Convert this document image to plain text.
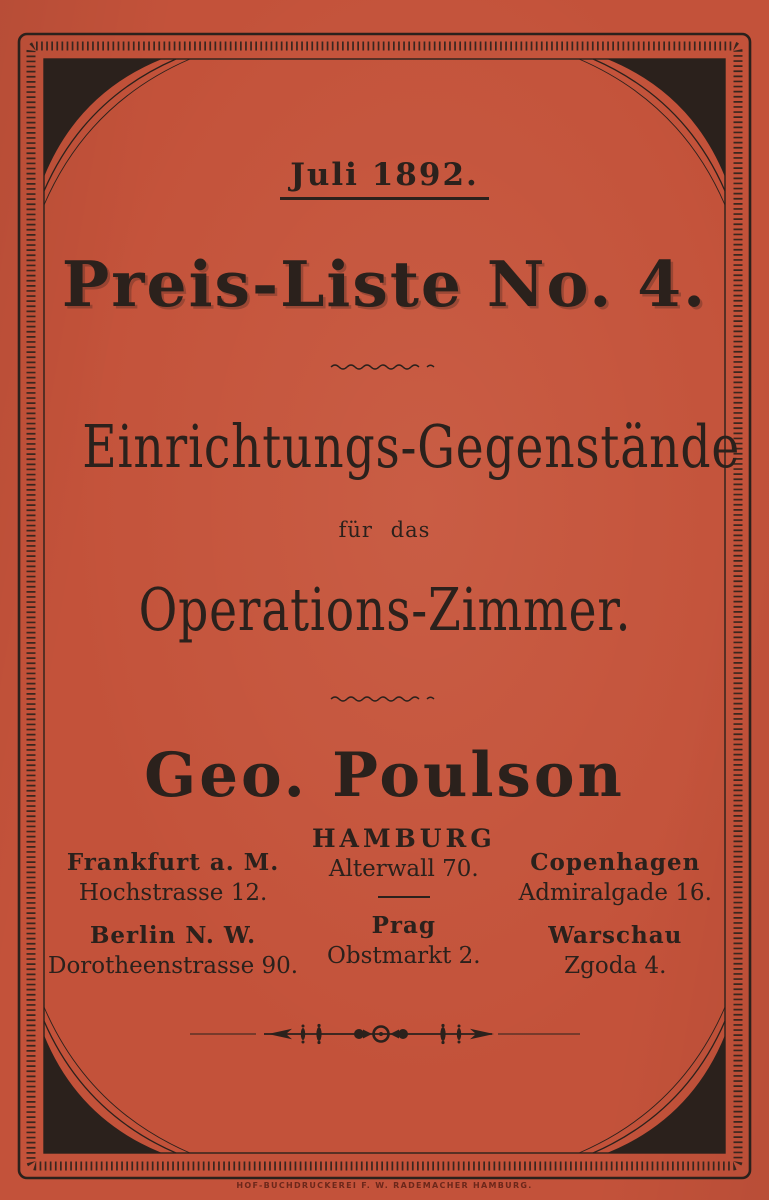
Juli 1892.
Preis-Liste No. 4.
Einrichtungs-Gegenstände
für das
Operations-Zimmer.
Geo. Poulson
Frankfurt a. M.
Hochstrasse 12.
Berlin N. W.
Dorotheenstrasse 90.
HAMBURG
Alterwall 70.
Prag
Obstmarkt 2.
Copenhagen
Admiralgade 16.
Warschau
Zgoda 4.
HOF-BUCHDRUCKEREI F. W. RADEMACHER HAMBURG.
